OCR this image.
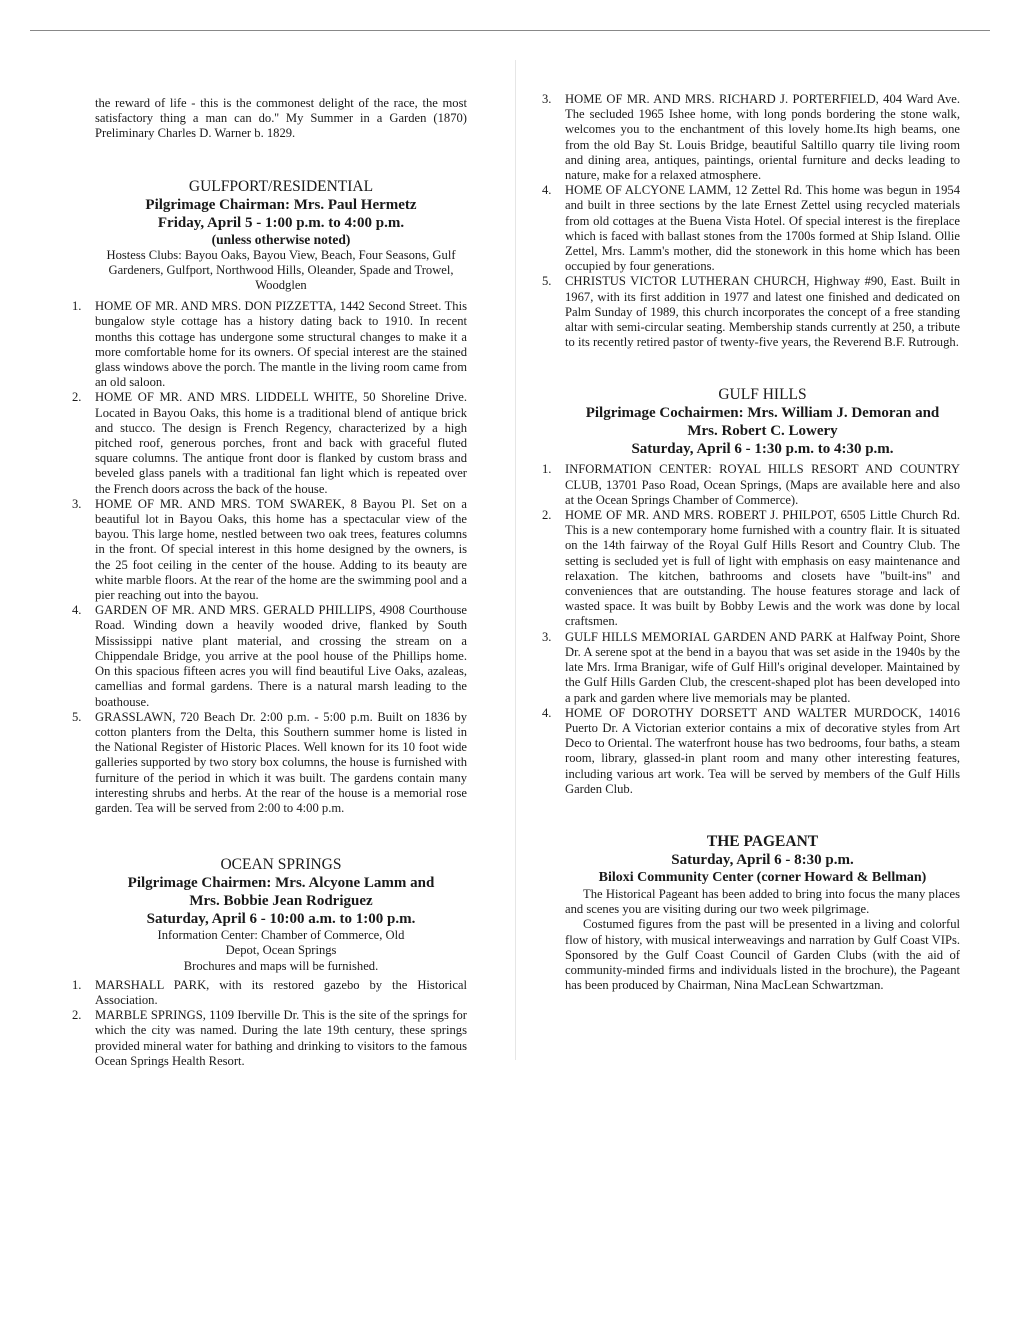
the reward of life - this is the commonest delight of the race, the most satisfactory thing a man can do.'' My Summer in a Garden (1870) Preliminary Charles D. Warner b. 1829.

GULFPORT/RESIDENTIAL

Pilgrimage Chairman: Mrs. Paul Hermetz

Friday, April 5 - 1:00 p.m. to 4:00 p.m.

(unless otherwise noted)

Hostess Clubs: Bayou Oaks, Bayou View, Beach, Four Seasons, Gulf Gardeners, Gulfport, Northwood Hills, Oleander, Spade and Trowel, Woodglen

1. HOME OF MR. AND MRS. DON PIZZETTA, 1442 Second Street. This bungalow style cottage has a history dating back to 1910. In recent months this cottage has undergone some structural changes to make it a more comfortable home for its owners. Of special interest are the stained glass windows above the porch. The mantle in the living room came from an old saloon.
2. HOME OF MR. AND MRS. LIDDELL WHITE, 50 Shoreline Drive. Located in Bayou Oaks, this home is a traditional blend of antique brick and stucco. The design is French Regency, characterized by a high pitched roof, generous porches, front and back with graceful fluted square columns. The antique front door is flanked by custom brass and beveled glass panels with a traditional fan light which is repeated over the French doors across the back of the house.
3. HOME OF MR. AND MRS. TOM SWAREK, 8 Bayou Pl. Set on a beautiful lot in Bayou Oaks, this home has a spectacular view of the bayou. This large home, nestled between two oak trees, features columns in the front. Of special interest in this home designed by the owners, is the 25 foot ceiling in the center of the house. Adding to its beauty are white marble floors. At the rear of the home are the swimming pool and a pier reaching out into the bayou.
4. GARDEN OF MR. AND MRS. GERALD PHILLIPS, 4908 Courthouse Road. Winding down a heavily wooded drive, flanked by South Mississippi native plant material, and crossing the stream on a Chippendale Bridge, you arrive at the pool house of the Phillips home. On this spacious fifteen acres you will find beautiful Live Oaks, azaleas, camellias and formal gardens. There is a natural marsh leading to the boathouse.
5. GRASSLAWN, 720 Beach Dr. 2:00 p.m. - 5:00 p.m. Built on 1836 by cotton planters from the Delta, this Southern summer home is listed in the National Register of Historic Places. Well known for its 10 foot wide galleries supported by two story box columns, the house is furnished with furniture of the period in which it was built. The gardens contain many interesting shrubs and herbs. At the rear of the house is a memorial rose garden. Tea will be served from 2:00 to 4:00 p.m.

OCEAN SPRINGS

Pilgrimage Chairmen: Mrs. Alcyone Lamm and Mrs. Bobbie Jean Rodriguez

Saturday, April 6 - 10:00 a.m. to 1:00 p.m.

Information Center: Chamber of Commerce, Old Depot, Ocean Springs

Brochures and maps will be furnished.

1. MARSHALL PARK, with its restored gazebo by the Historical Association.
2. MARBLE SPRINGS, 1109 Iberville Dr. This is the site of the springs for which the city was named. During the late 19th century, these springs provided mineral water for bathing and drinking to visitors to the famous Ocean Springs Health Resort.
3. HOME OF MR. AND MRS. RICHARD J. PORTERFIELD, 404 Ward Ave. The secluded 1965 Ishee home, with long ponds bordering the stone walk, welcomes you to the enchantment of this lovely home.Its high beams, one from the old Bay St. Louis Bridge, beautiful Saltillo quarry tile living room and dining area, antiques, paintings, oriental furniture and decks leading to nature, make for a relaxed atmosphere.
4. HOME OF ALCYONE LAMM, 12 Zettel Rd. This home was begun in 1954 and built in three sections by the late Ernest Zettel using recycled materials from old cottages at the Buena Vista Hotel. Of special interest is the fireplace which is faced with ballast stones from the 1700s formed at Ship Island. Ollie Zettel, Mrs. Lamm's mother, did the stonework in this home which has been occupied by four generations.
5. CHRISTUS VICTOR LUTHERAN CHURCH, Highway #90, East. Built in 1967, with its first addition in 1977 and latest one finished and dedicated on Palm Sunday of 1989, this church incorporates the concept of a free standing altar with semi-circular seating. Membership stands currently at 250, a tribute to its recently retired pastor of twenty-five years, the Reverend B.F. Rutrough.

GULF HILLS

Pilgrimage Cochairmen: Mrs. William J. Demoran and Mrs. Robert C. Lowery

Saturday, April 6 - 1:30 p.m. to 4:30 p.m.

1. INFORMATION CENTER: ROYAL HILLS RESORT AND COUNTRY CLUB, 13701 Paso Road, Ocean Springs, (Maps are available here and also at the Ocean Springs Chamber of Commerce).
2. HOME OF MR. AND MRS. ROBERT J. PHILPOT, 6505 Little Church Rd. This is a new contemporary home furnished with a country flair. It is situated on the 14th fairway of the Royal Gulf Hills Resort and Country Club. The setting is secluded yet is full of light with emphasis on easy maintenance and relaxation. The kitchen, bathrooms and closets have ''built-ins'' and conveniences that are outstanding. The house features storage and lack of wasted space. It was built by Bobby Lewis and the work was done by local craftsmen.
3. GULF HILLS MEMORIAL GARDEN AND PARK at Halfway Point, Shore Dr. A serene spot at the bend in a bayou that was set aside in the 1940s by the late Mrs. Irma Branigar, wife of Gulf Hill's original developer. Maintained by the Gulf Hills Garden Club, the crescent-shaped plot has been developed into a park and garden where live memorials may be planted.
4. HOME OF DOROTHY DORSETT AND WALTER MURDOCK, 14016 Puerto Dr. A Victorian exterior contains a mix of decorative styles from Art Deco to Oriental. The waterfront house has two bedrooms, four baths, a steam room, library, glassed-in plant room and many other interesting features, including various art work. Tea will be served by members of the Gulf Hills Garden Club.

THE PAGEANT

Saturday, April 6 - 8:30 p.m.

Biloxi Community Center (corner Howard & Bellman)

The Historical Pageant has been added to bring into focus the many places and scenes you are visiting during our two week pilgrimage.

Costumed figures from the past will be presented in a living and colorful flow of history, with musical interweavings and narration by Gulf Coast VIPs. Sponsored by the Gulf Coast Council of Garden Clubs (with the aid of community-minded firms and individuals listed in the brochure), the Pageant has been produced by Chairman, Nina MacLean Schwartzman.
